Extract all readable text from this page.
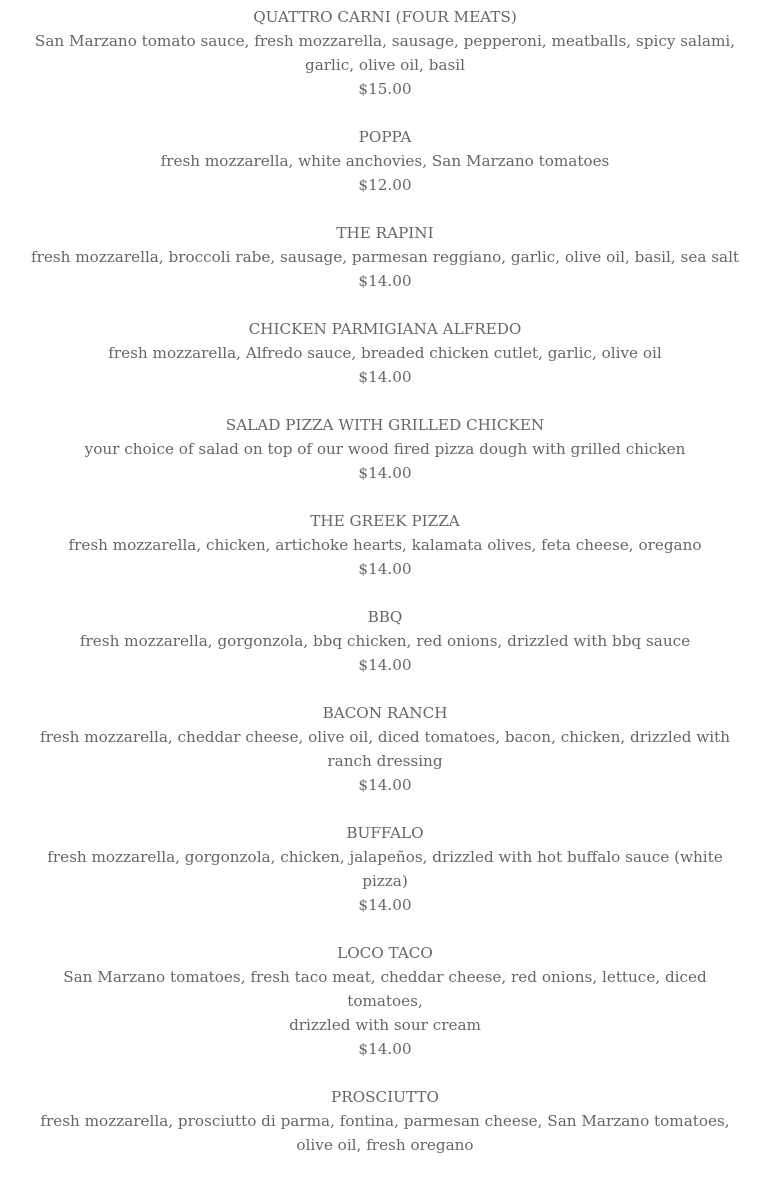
QUATTRO CARNI (FOUR MEATS)
San Marzano tomato sauce, fresh mozzarella, sausage, pepperoni, meatballs, spicy salami,
garlic, olive oil, basil
$15.00
POPPA
fresh mozzarella, white anchovies, San Marzano tomatoes
$12.00
THE RAPINI
fresh mozzarella, broccoli rabe, sausage, parmesan reggiano, garlic, olive oil, basil, sea salt
$14.00
CHICKEN PARMIGIANA ALFREDO
fresh mozzarella, Alfredo sauce, breaded chicken cutlet, garlic, olive oil
$14.00
SALAD PIZZA WITH GRILLED CHICKEN
your choice of salad on top of our wood fired pizza dough with grilled chicken
$14.00
THE GREEK PIZZA
fresh mozzarella, chicken, artichoke hearts, kalamata olives, feta cheese, oregano
$14.00
BBQ
fresh mozzarella, gorgonzola, bbq chicken, red onions, drizzled with bbq sauce
$14.00
BACON RANCH
fresh mozzarella, cheddar cheese, olive oil, diced tomatoes, bacon, chicken, drizzled with
ranch dressing
$14.00
BUFFALO
fresh mozzarella, gorgonzola, chicken, jalapeños, drizzled with hot buffalo sauce (white
pizza)
$14.00
LOCO TACO
San Marzano tomatoes, fresh taco meat, cheddar cheese, red onions, lettuce, diced tomatoes,
drizzled with sour cream
$14.00
PROSCIUTTO
fresh mozzarella, prosciutto di parma, fontina, parmesan cheese, San Marzano tomatoes,
olive oil, fresh oregano
